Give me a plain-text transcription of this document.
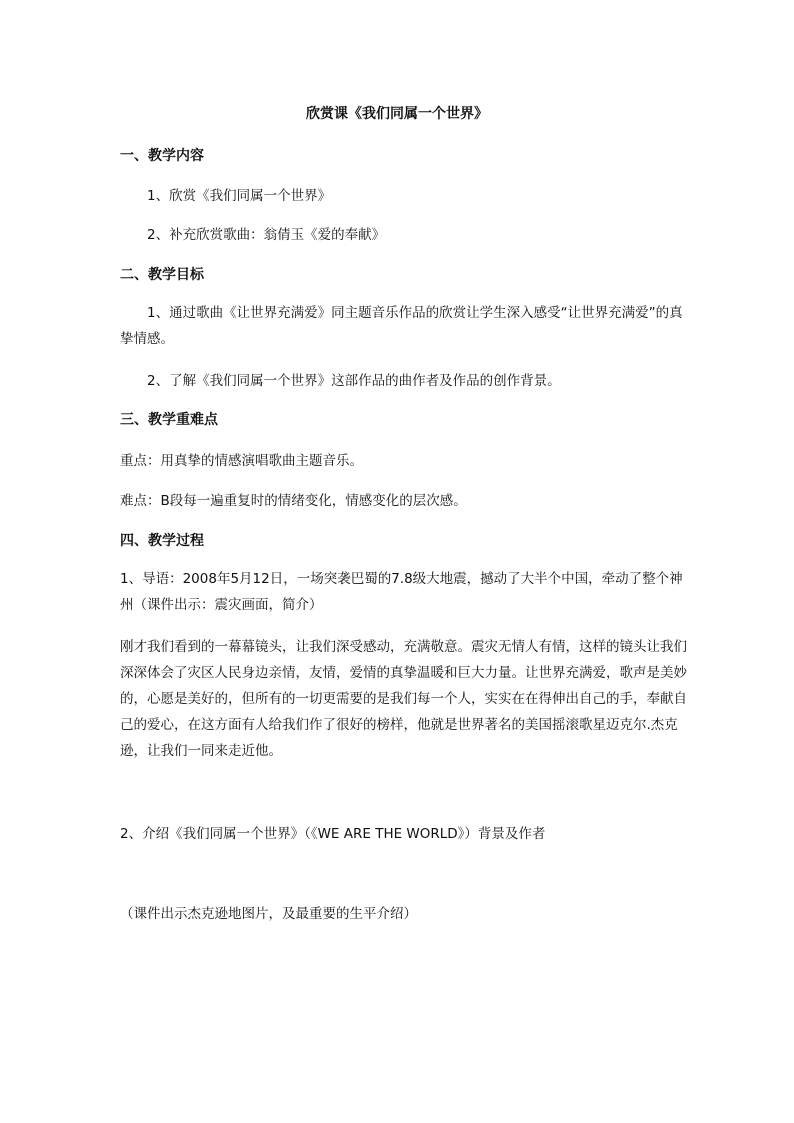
欣赏课《我们同属一个世界》
一、教学内容
1、欣赏《我们同属一个世界》
2、补充欣赏歌曲：翁倩玉《爱的奉献》
二、教学目标
1、通过歌曲《让世界充满爱》同主题音乐作品的欣赏让学生深入感受“让世界充满爱”的真挚情感。
2、了解《我们同属一个世界》这部作品的曲作者及作品的创作背景。
三、教学重难点
重点：用真挚的情感演唱歌曲主题音乐。
难点：B段每一遍重复时的情绪变化，情感变化的层次感。
四、教学过程
1、导语：2008年5月12日，一场突袭巴蜀的7.8级大地震，撼动了大半个中国，牵动了整个神州（课件出示：震灾画面，简介）
刚才我们看到的一幕幕镜头，让我们深受感动，充满敬意。震灾无情人有情，这样的镜头让我们深深体会了灾区人民身边亲情，友情，爱情的真挚温暖和巨大力量。让世界充满爱，歌声是美妙的，心愿是美好的，但所有的一切更需要的是我们每一个人，实实在在得伸出自己的手，奉献自己的爱心，在这方面有人给我们作了很好的榜样，他就是世界著名的美国摇滚歌星迈克尔.杰克逊，让我们一同来走近他。
2、介绍《我们同属一个世界》（《WE ARE THE WORLD》）背景及作者
（课件出示杰克逊地图片，及最重要的生平介绍）
